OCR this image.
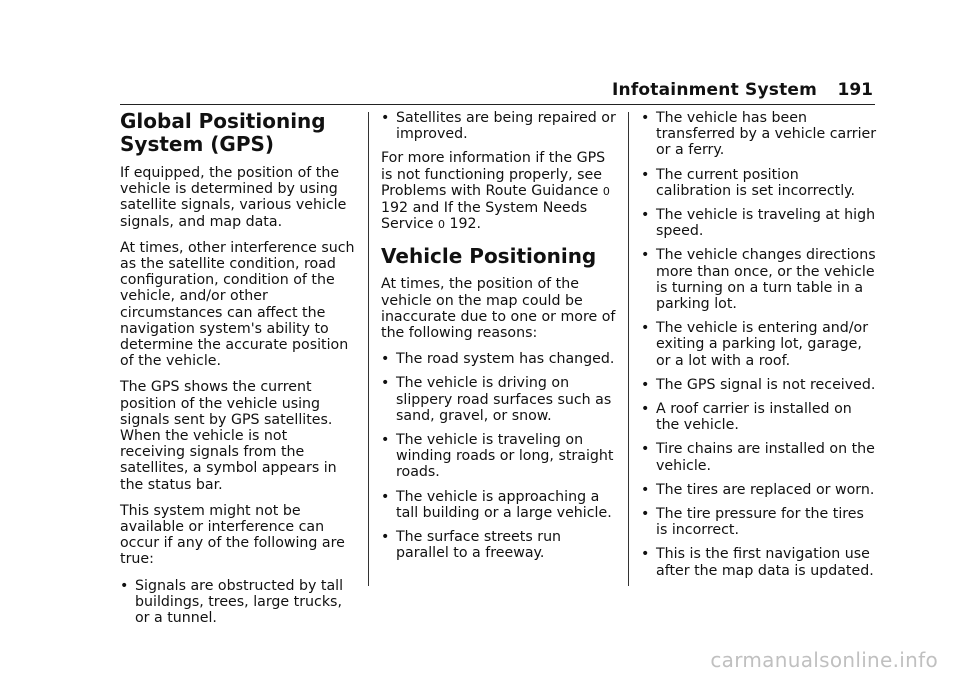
Infotainment System 191
Global Positioning
System (GPS)

If equipped, the position of the vehicle is determined by using satellite signals, various vehicle signals, and map data.

At times, other interference such as the satellite condition, road configuration, condition of the vehicle, and/or other circumstances can affect the navigation system's ability to determine the accurate position of the vehicle.

The GPS shows the current position of the vehicle using signals sent by GPS satellites. When the vehicle is not receiving signals from the satellites, a symbol appears in the status bar.

This system might not be available or interference can occur if any of the following are true:

• Signals are obstructed by tall buildings, trees, large trucks, or a tunnel.
• Satellites are being repaired or improved.

For more information if the GPS is not functioning properly, see Problems with Route Guidance 0 192 and If the System Needs Service 0 192.

Vehicle Positioning

At times, the position of the vehicle on the map could be inaccurate due to one or more of the following reasons:

• The road system has changed.
• The vehicle is driving on slippery road surfaces such as sand, gravel, or snow.
• The vehicle is traveling on winding roads or long, straight roads.
• The vehicle is approaching a tall building or a large vehicle.
• The surface streets run parallel to a freeway.
• The vehicle has been transferred by a vehicle carrier or a ferry.
• The current position calibration is set incorrectly.
• The vehicle is traveling at high speed.
• The vehicle changes directions more than once, or the vehicle is turning on a turn table in a parking lot.
• The vehicle is entering and/or exiting a parking lot, garage, or a lot with a roof.
• The GPS signal is not received.
• A roof carrier is installed on the vehicle.
• Tire chains are installed on the vehicle.
• The tires are replaced or worn.
• The tire pressure for the tires is incorrect.
• This is the first navigation use after the map data is updated.
carmanualsonline.info
